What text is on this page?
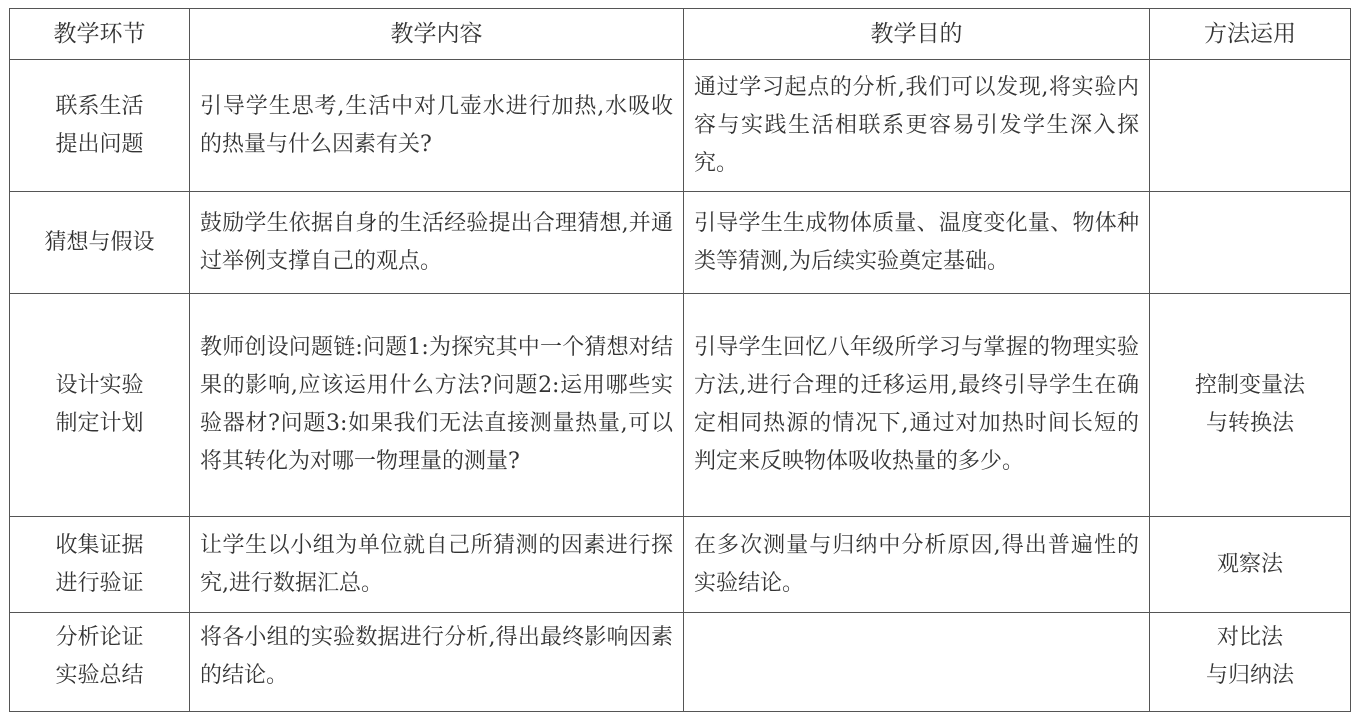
教学环节	教学内容	教学目的	方法运用

联系生活
提出问题	引导学生思考,生活中对几壶水进行加热,水吸收的热量与什么因素有关?	通过学习起点的分析,我们可以发现,将实验内容与实践生活相联系更容易引发学生深入探究。	

猜想与假设	鼓励学生依据自身的生活经验提出合理猜想,并通过举例支撑自己的观点。	引导学生生成物体质量、温度变化量、物体种类等猜测,为后续实验奠定基础。	

设计实验
制定计划	教师创设问题链:问题1:为探究其中一个猜想对结果的影响,应该运用什么方法?问题2:运用哪些实验器材?问题3:如果我们无法直接测量热量,可以将其转化为对哪一物理量的测量?	引导学生回忆八年级所学习与掌握的物理实验方法,进行合理的迁移运用,最终引导学生在确定相同热源的情况下,通过对加热时间长短的判定来反映物体吸收热量的多少。	控制变量法
与转换法

收集证据
进行验证	让学生以小组为单位就自己所猜测的因素进行探究,进行数据汇总。	在多次测量与归纳中分析原因,得出普遍性的实验结论。	观察法

分析论证
实验总结	将各小组的实验数据进行分析,得出最终影响因素的结论。		对比法
与归纳法
